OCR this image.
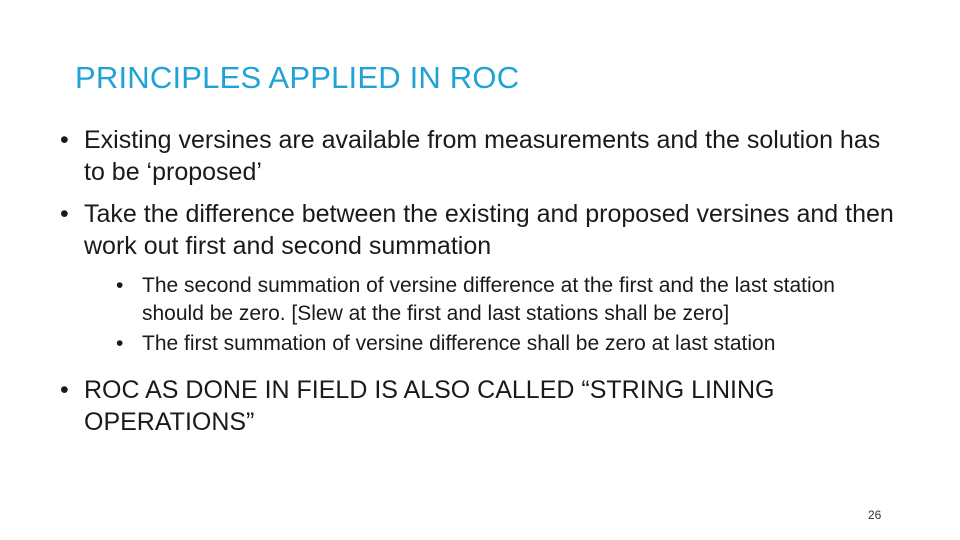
PRINCIPLES APPLIED IN ROC
• Existing versines are available from measurements and the solution has to be ‘proposed’
• Take the difference between the existing and proposed versines and then work out first and second summation
• The second summation of versine difference at the first and the last station should be zero. [Slew at the first and last stations shall be zero]
• The first summation of versine difference shall be zero at last station
• ROC AS DONE IN FIELD IS ALSO CALLED “STRING LINING OPERATIONS”
26
